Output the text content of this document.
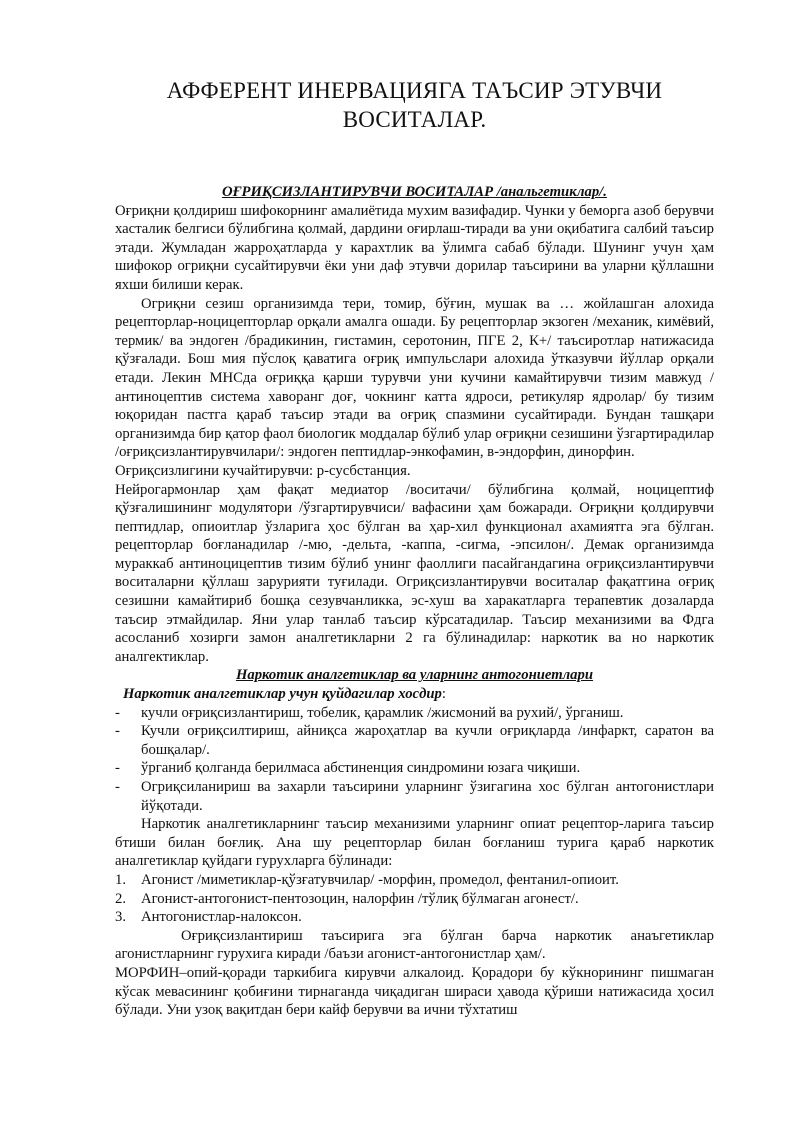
АФФЕРЕНТ ИНЕРВАЦИЯГА ТАЪСИР ЭТУВЧИ ВОСИТАЛАР.

ОҒРИҚСИЗЛАНТИРУВЧИ ВОСИТАЛАР /анальгетиклар/.

Оғриқни қолдириш шифокорнинг амалиётида мухим вазифадир. Чунки у беморга азоб берувчи хасталик белгиси бўлибгина қолмай, дардини оғирлаш-тиради ва уни оқибатига салбий таъсир этади. Жумладан жарроҳатларда у карахтлик ва ўлимга сабаб бўлади. Шунинг учун ҳам шифокор огриқни сусайтирувчи ёки уни даф этувчи дорилар таъсирини ва уларни қўллашни яхши билиши керак.

Огриқни сезиш организимда тери, томир, бўғин, мушак ва … жойлашган алохида рецепторлар-ноцицепторлар орқали амалга ошади. Бу рецепторлар экзоген /механик, кимёвий, термик/ ва эндоген /брадикинин, гистамин, серотонин, ПГЕ 2, К+/ таъсиротлар натижасида қўзғалади. Бош мия пўслоқ қаватига оғриқ импульслари алохида ўтказувчи йўллар орқали етади. Лекин МНСда оғриққа қарши турувчи уни кучини камайтирувчи тизим мавжуд /антиноцептив система хаворанг доғ, чокнинг катта ядроси, ретикуляр ядролар/ бу тизим юқоридан пастга қараб таъсир этади ва оғриқ спазмини сусайтиради. Бундан ташқари организимда бир қатор фаол биологик моддалар бўлиб улар оғриқни сезишини ўзгартирадилар /оғриқсизлантирувчилари/: эндоген пептидлар-энкофамин, в-эндорфин, динорфин.

Оғриқсизлигини кучайтирувчи: р-сусбстанция.

Нейрогармонлар ҳам фақат медиатор /воситачи/ бўлибгина қолмай, ноцицептиф қўзғалишининг модулятори /ўзгартирувчиси/ вафасини ҳам божаради. Оғриқни қолдирувчи пептидлар, опиоитлар ўзларига ҳос бўлган ва ҳар-хил функционал ахамиятга эга бўлган. рецепторлар боғланадилар /-мю, -дельта, -каппа, -сигма, -эпсилон/. Демак организимда мураккаб антиноцицептив тизим бўлиб унинг фаоллиги пасайгандагина оғриқсизлантирувчи воситаларни қўллаш зарурияти туғилади. Огриқсизлантирувчи воситалар фақатгина оғриқ сезишни камайтириб бошқа сезувчанликка, эс-хуш ва харакатларга терапевтик дозаларда таъсир этмайдилар. Яни улар танлаб таъсир кўрсатадилар. Таъсир механизими ва Фдга асосланиб хозирги замон аналгетикларни 2 га бўлинадилар: наркотик ва но наркотик аналгектиклар.

Наркотик аналгетиклар ва уларнинг антогониетлари

Наркотик аналгетиклар учун қуйдагилар хосдир:
- кучли оғриқсизлантириш, тобелик, қарамлик /жисмоний ва рухий/, ўрганиш.
- Кучли оғриқсилтириш, айниқса жароҳатлар ва кучли оғриқларда /инфаркт, саратон ва бошқалар/.
- ўрганиб қолганда берилмаса абстиненция синдромини юзага чиқиши.
- Огриқсиланириш ва захарли таъсирини уларнинг ўзигагина хос бўлган антогонистлари йўқотади.

Наркотик аналгетикларнинг таъсир механизими уларнинг опиат рецептор-ларига таъсир бтиши билан боғлиқ. Ана шу рецепторлар билан боғланиш турига қараб наркотик аналгетиклар қуйдаги гурухларга бўлинади:

1. Агонист /миметиклар-қўзғатувчилар/ -морфин, промедол, фентанил-опиоит.
2. Агонист-антогонист-пентозоцин, налорфин /тўлиқ бўлмаган агонест/.
3. Антогонистлар-налоксон.

Оғриқсизлантириш таъсирига эга бўлган барча наркотик анаъгетиклар агонистларнинг гурухига киради /баъзи агонист-антогонистлар ҳам/.

МОРФИН–опий-қоради таркибига кирувчи алкалоид. Қорадори бу кўкнорининг пишмаган кўсак мевасининг қобиғини тирнаганда чиқадиган шираси ҳавода қўриши натижасида ҳосил бўлади. Уни узоқ вақитдан бери кайф берувчи ва ични тўхтатиш
